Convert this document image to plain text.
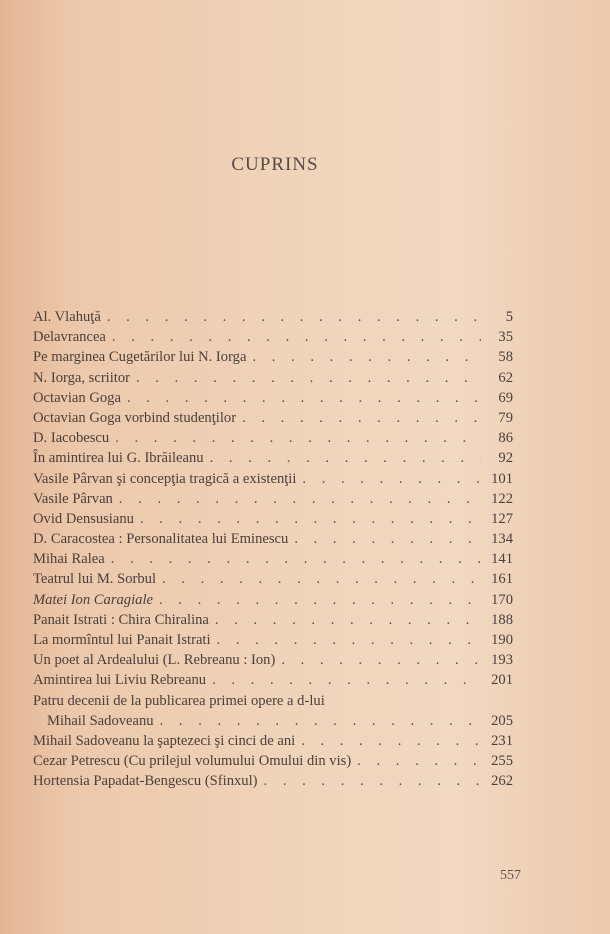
CUPRINS
Al. Vlahuţă . . .	5
Delavrancea . . .	35
Pe marginea Cugetărilor lui N. Iorga . . .	58
N. Iorga, scriitor . . .	62
Octavian Goga . . .	69
Octavian Goga vorbind studenţilor . . .	79
D. Iacobescu . . .	86
În amintirea lui G. Ibrăileanu . . .	92
Vasile Pârvan şi concepţia tragică a existenţii . . .	101
Vasile Pârvan . . .	122
Ovid Densusianu . . .	127
D. Caracostea : Personalitatea lui Eminescu . . .	134
Mihai Ralea . . .	141
Teatrul lui M. Sorbul . . .	161
Matei Ion Caragiale . . .	170
Panait Istrati : Chira Chiralina . . .	188
La mormîntul lui Panait Istrati . . .	190
Un poet al Ardealului (L. Rebreanu : Ion) . . .	193
Amintirea lui Liviu Rebreanu . . .	201
Patru decenii de la publicarea primei opere a d-lui
Mihail Sadoveanu . . .	205
Mihail Sadoveanu la şaptezeci şi cinci de ani . . .	231
Cezar Petrescu (Cu prilejul volumului Omului din vis) . . .	255
Hortensia Papadat-Bengescu (Sfinxul) . . .	262
557
